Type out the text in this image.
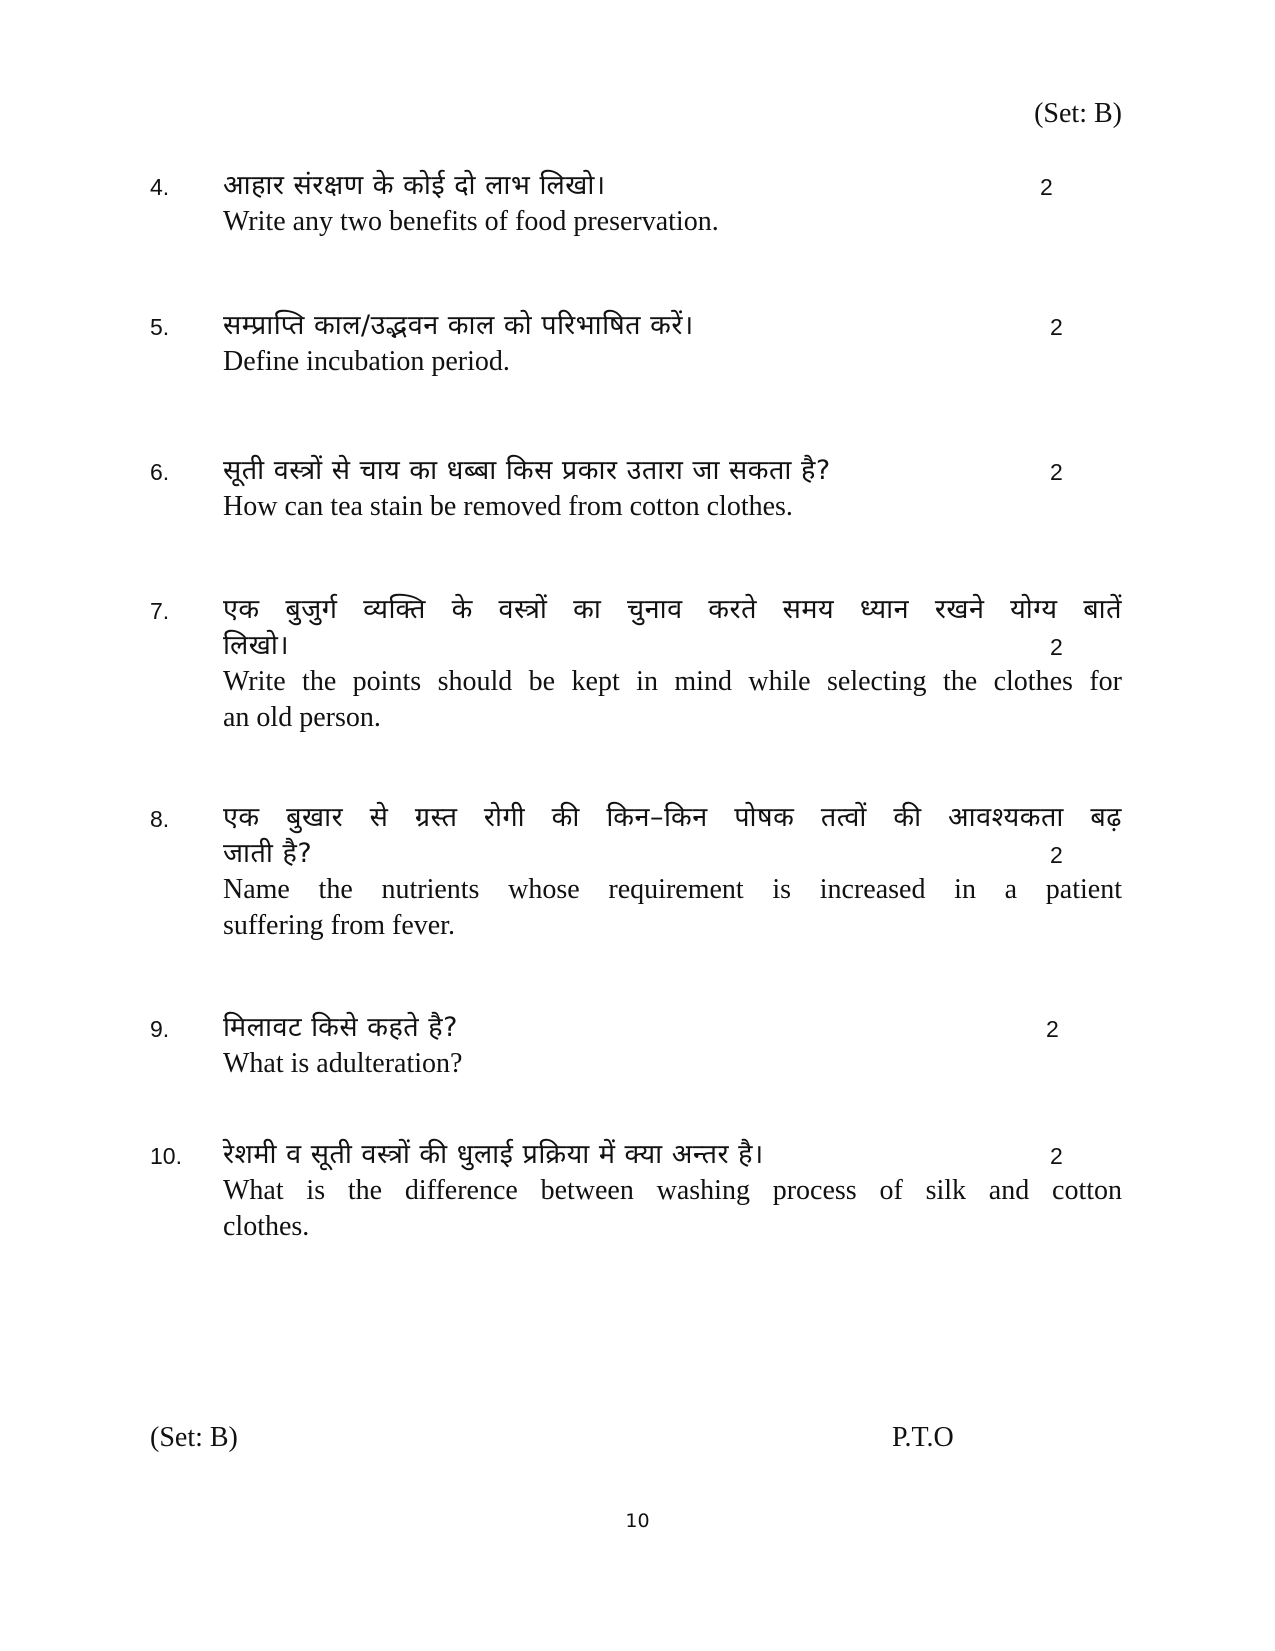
(Set: B)
4. आहार संरक्षण के कोई दो लाभ लिखो।

Write any two benefits of food preservation.

2
5. सम्प्राप्ति काल/उद्भवन काल को परिभाषित करें।

Define incubation period.

2
6. सूती वस्त्रों से चाय का धब्बा किस प्रकार उतारा जा सकता है?

How can tea stain be removed from cotton clothes.

2
7. एक बुजुर्ग व्यक्ति के वस्त्रों का चुनाव करते समय ध्यान रखने योग्य बातें

लिखो।

Write the points should be kept in mind while selecting the clothes for

an old person.

2
8. एक बुखार से ग्रस्त रोगी की किन–किन पोषक तत्वों की आवश्यकता बढ़

जाती है?

Name the nutrients whose requirement is increased in a patient

suffering from fever.

2
9. मिलावट किसे कहते है?

What is adulteration?

2
10. रेशमी व सूती वस्त्रों की धुलाई प्रक्रिया में क्या अन्तर है।

What is the difference between washing process of silk and cotton

clothes.

2
(Set: B)	P.T.O
10
